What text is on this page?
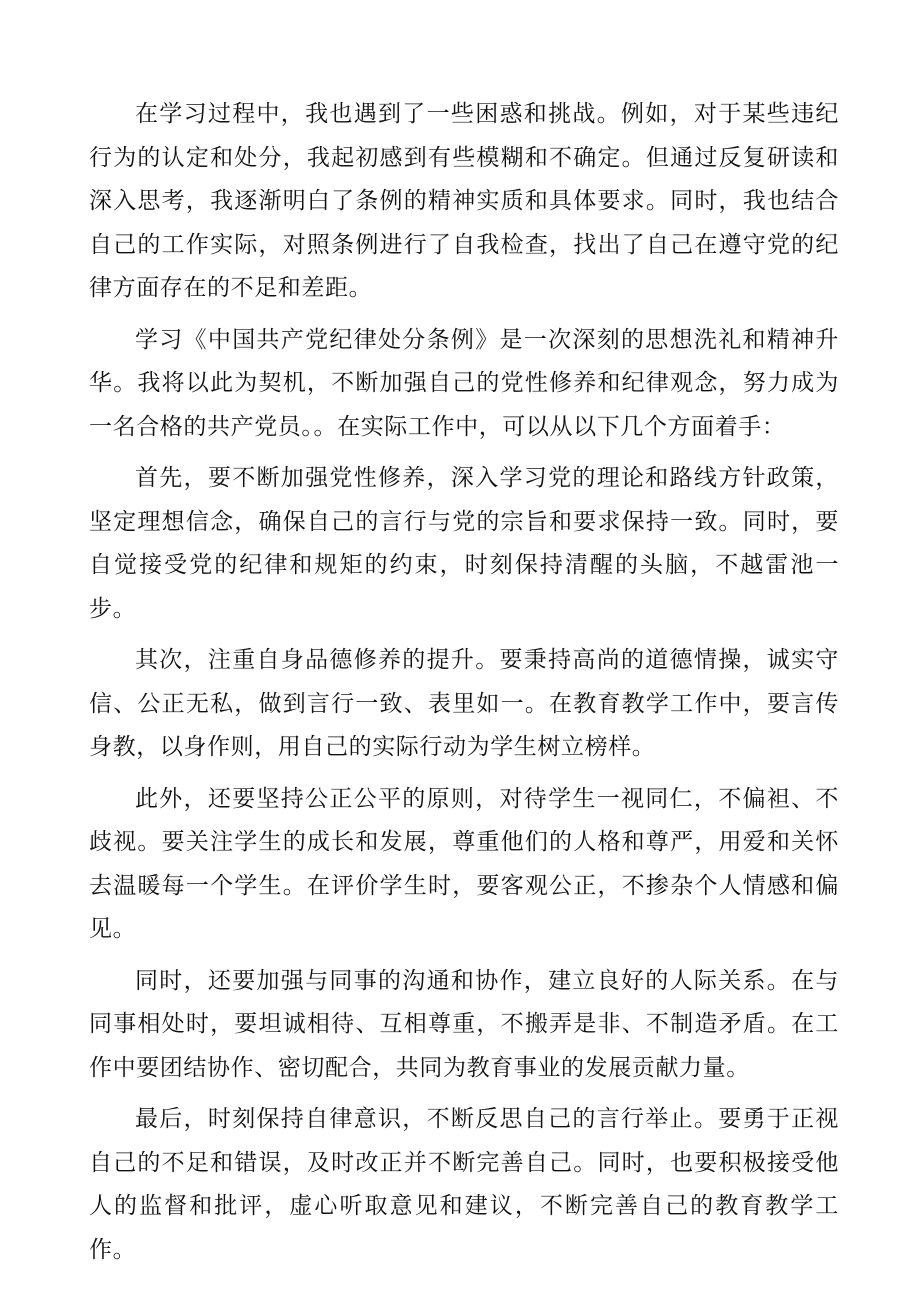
在学习过程中，我也遇到了一些困惑和挑战。例如，对于某些违纪行为的认定和处分，我起初感到有些模糊和不确定。但通过反复研读和深入思考，我逐渐明白了条例的精神实质和具体要求。同时，我也结合自己的工作实际，对照条例进行了自我检查，找出了自己在遵守党的纪律方面存在的不足和差距。

学习《中国共产党纪律处分条例》是一次深刻的思想洗礼和精神升华。我将以此为契机，不断加强自己的党性修养和纪律观念，努力成为一名合格的共产党员。。在实际工作中，可以从以下几个方面着手：

首先，要不断加强党性修养，深入学习党的理论和路线方针政策，坚定理想信念，确保自己的言行与党的宗旨和要求保持一致。同时，要自觉接受党的纪律和规矩的约束，时刻保持清醒的头脑，不越雷池一步。

其次，注重自身品德修养的提升。要秉持高尚的道德情操，诚实守信、公正无私，做到言行一致、表里如一。在教育教学工作中，要言传身教，以身作则，用自己的实际行动为学生树立榜样。

此外，还要坚持公正公平的原则，对待学生一视同仁，不偏袒、不歧视。要关注学生的成长和发展，尊重他们的人格和尊严，用爱和关怀去温暖每一个学生。在评价学生时，要客观公正，不掺杂个人情感和偏见。

同时，还要加强与同事的沟通和协作，建立良好的人际关系。在与同事相处时，要坦诚相待、互相尊重，不搬弄是非、不制造矛盾。在工作中要团结协作、密切配合，共同为教育事业的发展贡献力量。

最后，时刻保持自律意识，不断反思自己的言行举止。要勇于正视自己的不足和错误，及时改正并不断完善自己。同时，也要积极接受他人的监督和批评，虚心听取意见和建议，不断完善自己的教育教学工作。
